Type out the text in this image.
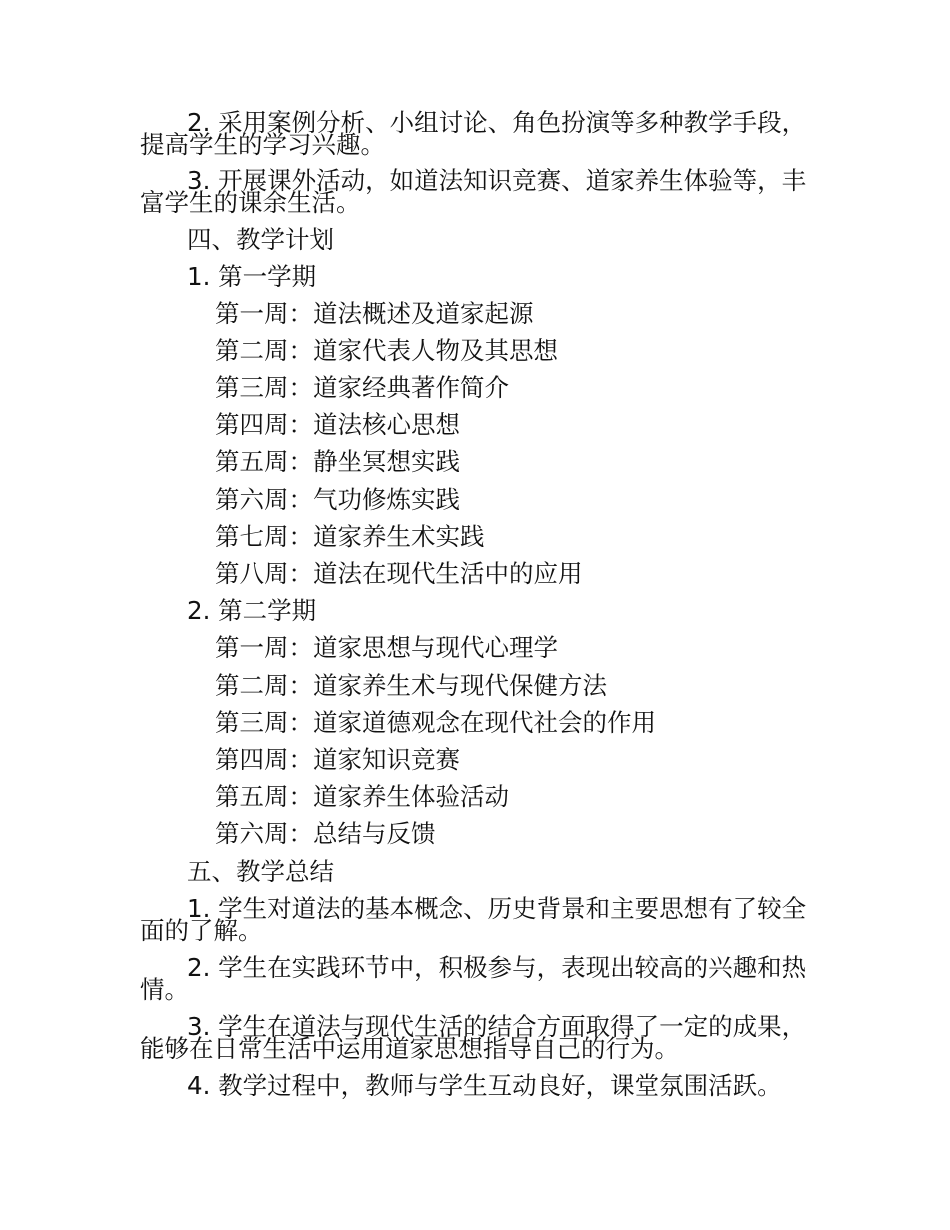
2. 采用案例分析、小组讨论、角色扮演等多种教学手段，

提高学生的学习兴趣。

3. 开展课外活动，如道法知识竞赛、道家养生体验等，丰

富学生的课余生活。

四、教学计划

1. 第一学期

第一周：道法概述及道家起源

第二周：道家代表人物及其思想

第三周：道家经典著作简介

第四周：道法核心思想

第五周：静坐冥想实践

第六周：气功修炼实践

第七周：道家养生术实践

第八周：道法在现代生活中的应用

2. 第二学期

第一周：道家思想与现代心理学

第二周：道家养生术与现代保健方法

第三周：道家道德观念在现代社会的作用

第四周：道家知识竞赛

第五周：道家养生体验活动

第六周：总结与反馈

五、教学总结

1. 学生对道法的基本概念、历史背景和主要思想有了较全

面的了解。

2. 学生在实践环节中，积极参与，表现出较高的兴趣和热

情。

3. 学生在道法与现代生活的结合方面取得了一定的成果，

能够在日常生活中运用道家思想指导自己的行为。

4. 教学过程中，教师与学生互动良好，课堂氛围活跃。
